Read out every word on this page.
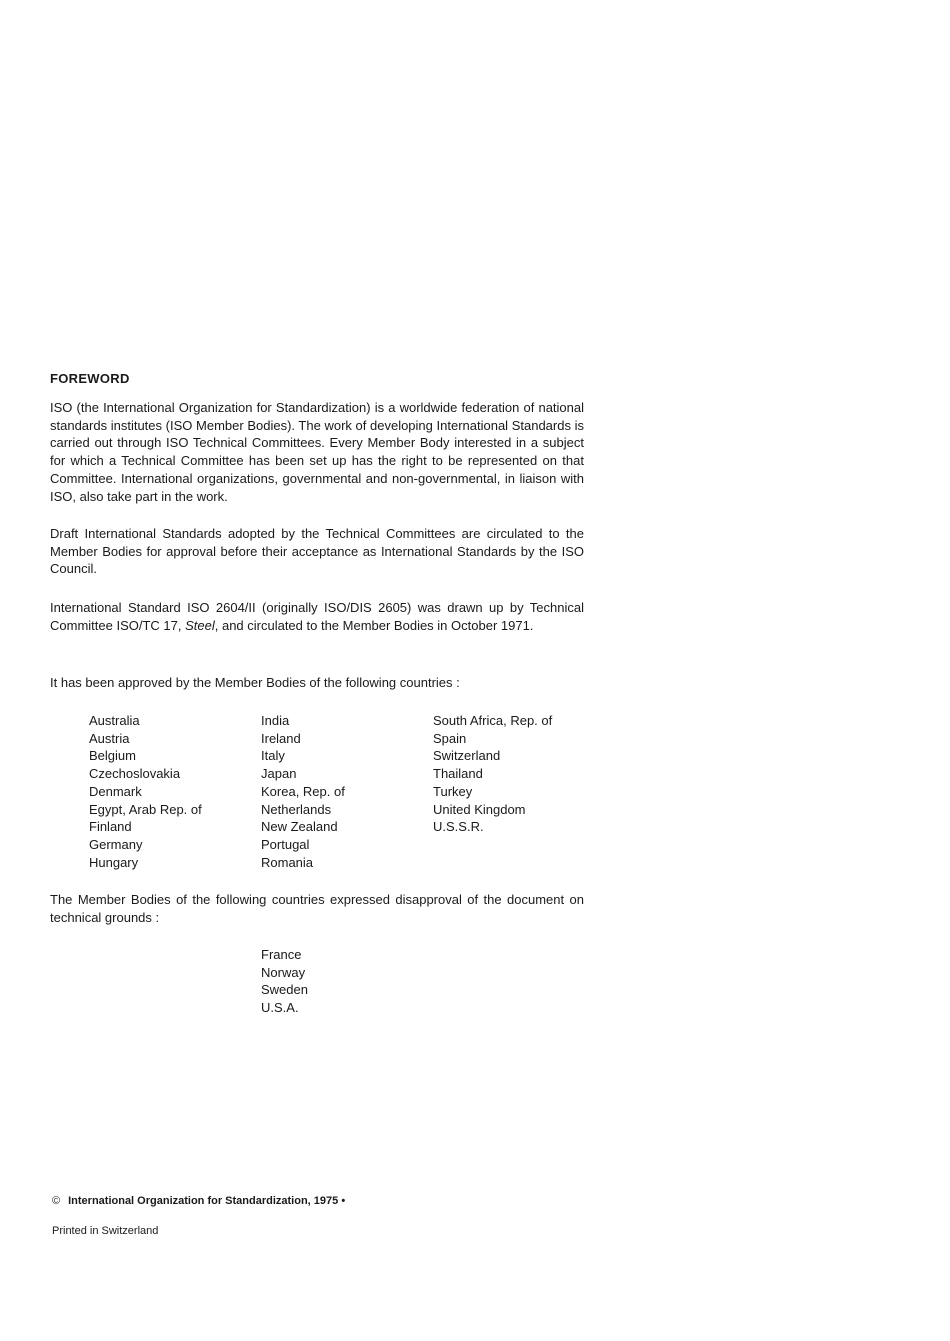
FOREWORD

ISO (the International Organization for Standardization) is a worldwide federation of national standards institutes (ISO Member Bodies). The work of developing International Standards is carried out through ISO Technical Committees. Every Member Body interested in a subject for which a Technical Committee has been set up has the right to be represented on that Committee. International organizations, governmental and non-governmental, in liaison with ISO, also take part in the work.

Draft International Standards adopted by the Technical Committees are circulated to the Member Bodies for approval before their acceptance as International Standards by the ISO Council.

International Standard ISO 2604/II (originally ISO/DIS 2605) was drawn up by Technical Committee ISO/TC 17, Steel, and circulated to the Member Bodies in October 1971.

It has been approved by the Member Bodies of the following countries :

Australia
Austria
Belgium
Czechoslovakia
Denmark
Egypt, Arab Rep. of
Finland
Germany
Hungary
India
Ireland
Italy
Japan
Korea, Rep. of
Netherlands
New Zealand
Portugal
Romania
South Africa, Rep. of
Spain
Switzerland
Thailand
Turkey
United Kingdom
U.S.S.R.

The Member Bodies of the following countries expressed disapproval of the document on technical grounds :

France
Norway
Sweden
U.S.A.
© International Organization for Standardization, 1975 •
Printed in Switzerland
